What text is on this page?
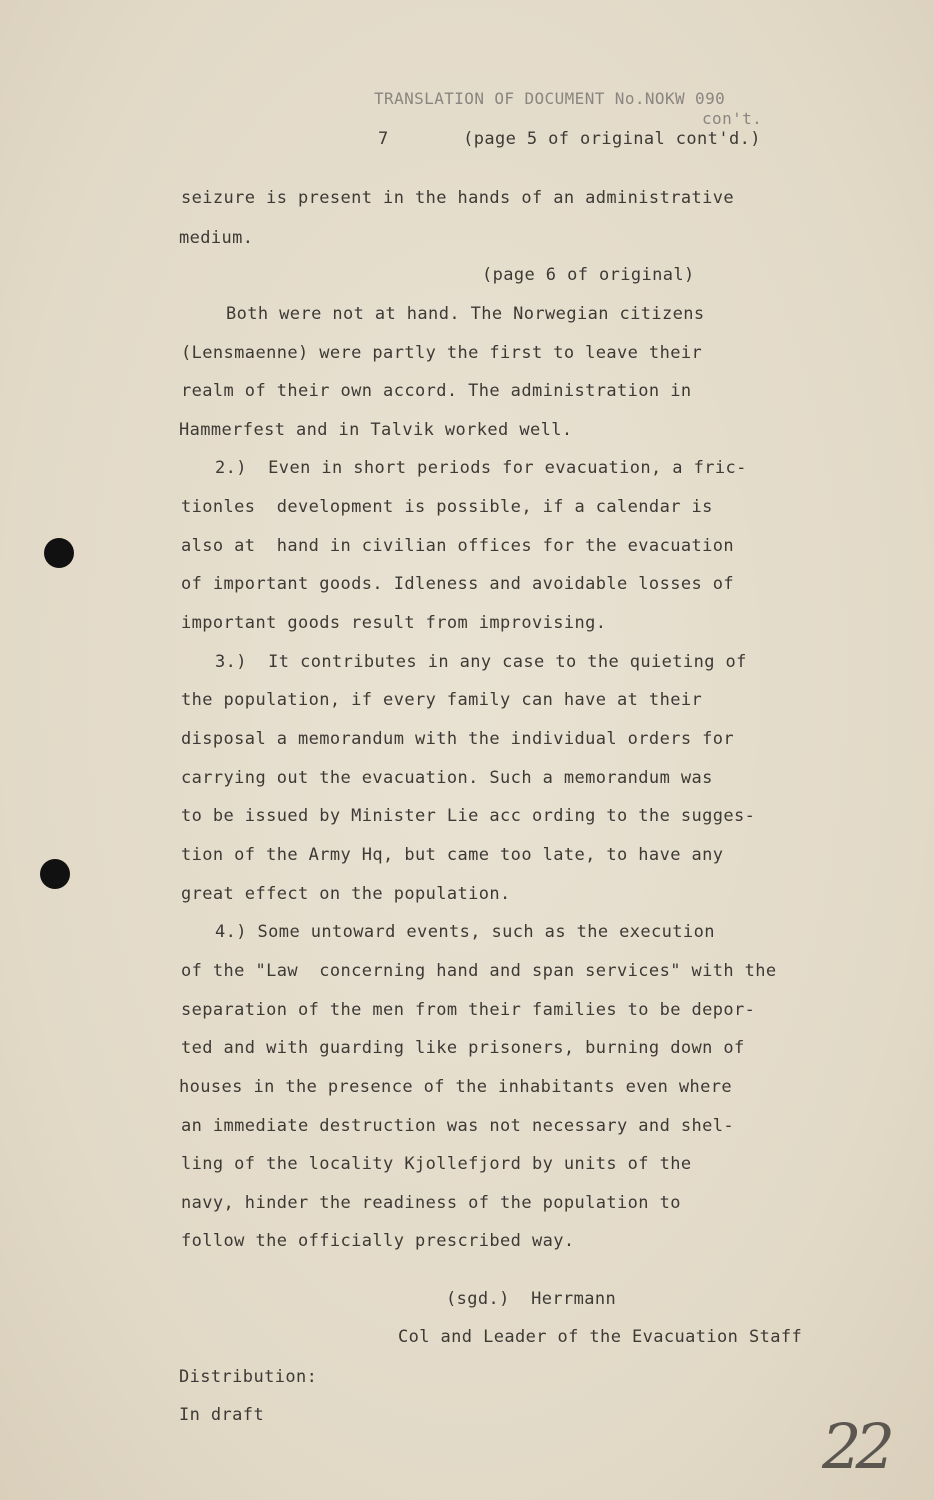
TRANSLATION OF DOCUMENT No.NOKW 090
con't.
7       (page 5 of original cont'd.)
seizure is present in the hands of an administrative
medium.
(page 6 of original)
Both were not at hand. The Norwegian citizens
(Lensmaenne) were partly the first to leave their
realm of their own accord. The administration in
Hammerfest and in Talvik worked well.
2.)  Even in short periods for evacuation, a fric-
tionles  development is possible, if a calendar is
also at  hand in civilian offices for the evacuation
of important goods. Idleness and avoidable losses of
important goods result from improvising.
3.)  It contributes in any case to the quieting of
the population, if every family can have at their
disposal a memorandum with the individual orders for
carrying out the evacuation. Such a memorandum was
to be issued by Minister Lie acc ording to the sugges-
tion of the Army Hq, but came too late, to have any
great effect on the population.
4.) Some untoward events, such as the execution
of the "Law  concerning hand and span services" with the
separation of the men from their families to be depor-
ted and with guarding like prisoners, burning down of
houses in the presence of the inhabitants even where
an immediate destruction was not necessary and shel-
ling of the locality Kjollefjord by units of the
navy, hinder the readiness of the population to
follow the officially prescribed way.
(sgd.)  Herrmann
Col and Leader of the Evacuation Staff
Distribution:
In draft	22
